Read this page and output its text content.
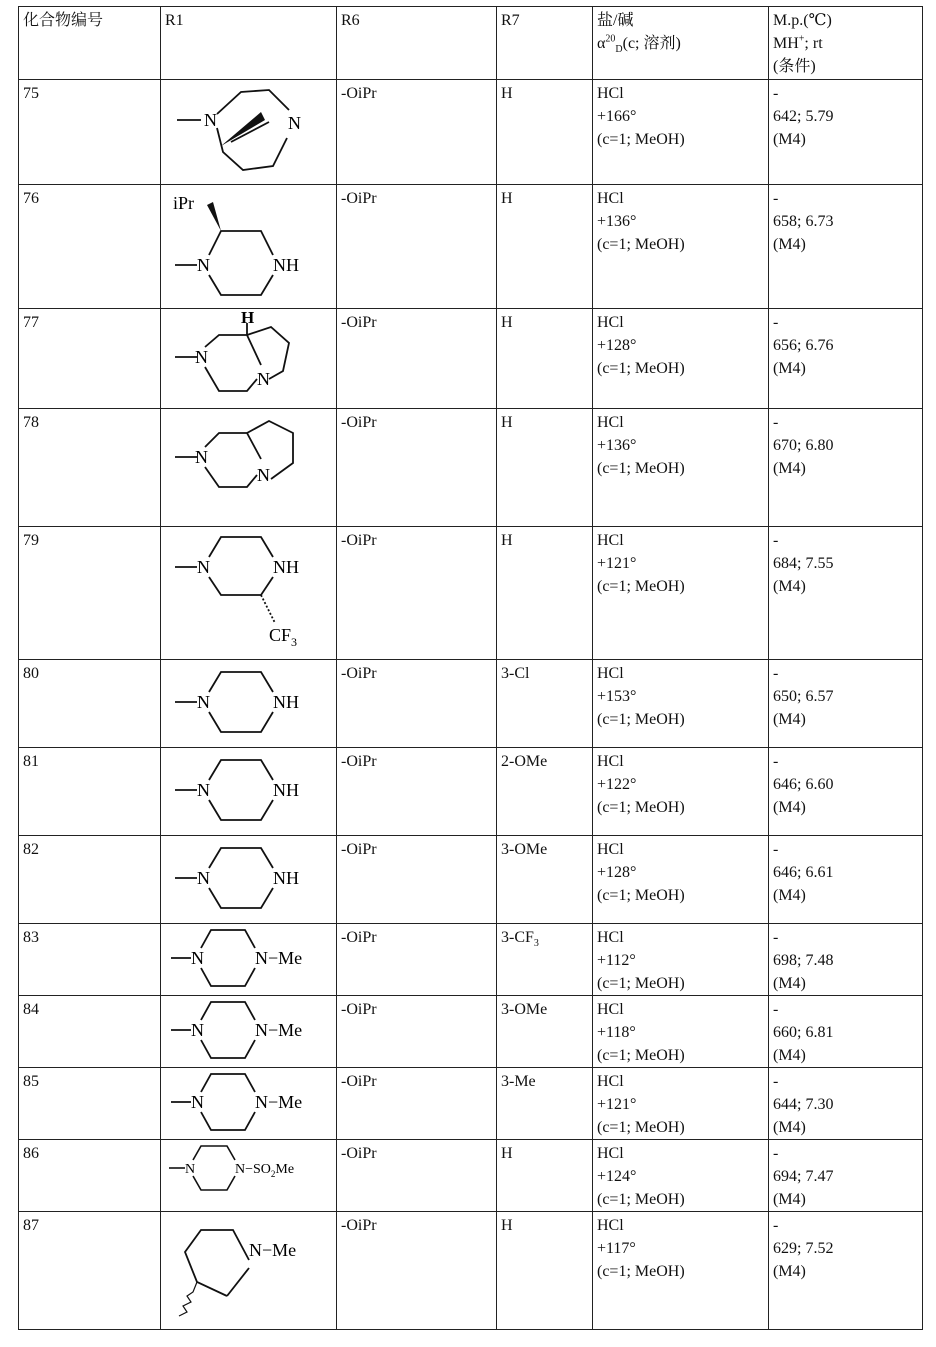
化合物编号	R1	R6	R7	盐/碱
$\alpha^{20}_D(c$; 溶剂)	M.p.(℃)
MH+; rt
(条件)

75	N N	-OiPr	H	HCl
+166°
(c=1; MeOH)	-
642; 5.79
(M4)

76	iPr
N NH	-OiPr	H	HCl
+136°
(c=1; MeOH)	-
658; 6.73
(M4)

77	H
N
N	-OiPr	H	HCl
+128°
(c=1; MeOH)	-
656; 6.76
(M4)

78	N
N	-OiPr	H	HCl
+136°
(c=1; MeOH)	-
670; 6.80
(M4)

79	N NH
$CF_3$	-OiPr	H	HCl
+121°
(c=1; MeOH)	-
684; 7.55
(M4)

80	N NH	-OiPr	3-Cl	HCl
+153°
(c=1; MeOH)	-
650; 6.57
(M4)

81	N NH	-OiPr	2-OMe	HCl
+122°
(c=1; MeOH)	-
646; 6.60
(M4)

82	N NH	-OiPr	3-OMe	HCl
+128°
(c=1; MeOH)	-
646; 6.61
(M4)

83	N N−Me	-OiPr	$3-CF_3$	HCl
+112°
(c=1; MeOH)	-
698; 7.48
(M4)

84	N N−Me	-OiPr	3-OMe	HCl
+118°
(c=1; MeOH)	-
660; 6.81
(M4)

85	N N−Me	-OiPr	3-Me	HCl
+121°
(c=1; MeOH)	-
644; 7.30
(M4)

86	N $N-SO_2Me$	-OiPr	H	HCl
+124°
(c=1; MeOH)	-
694; 7.47
(M4)

87	N−Me	-OiPr	H	HCl
+117°
(c=1; MeOH)	-
629; 7.52
(M4)
